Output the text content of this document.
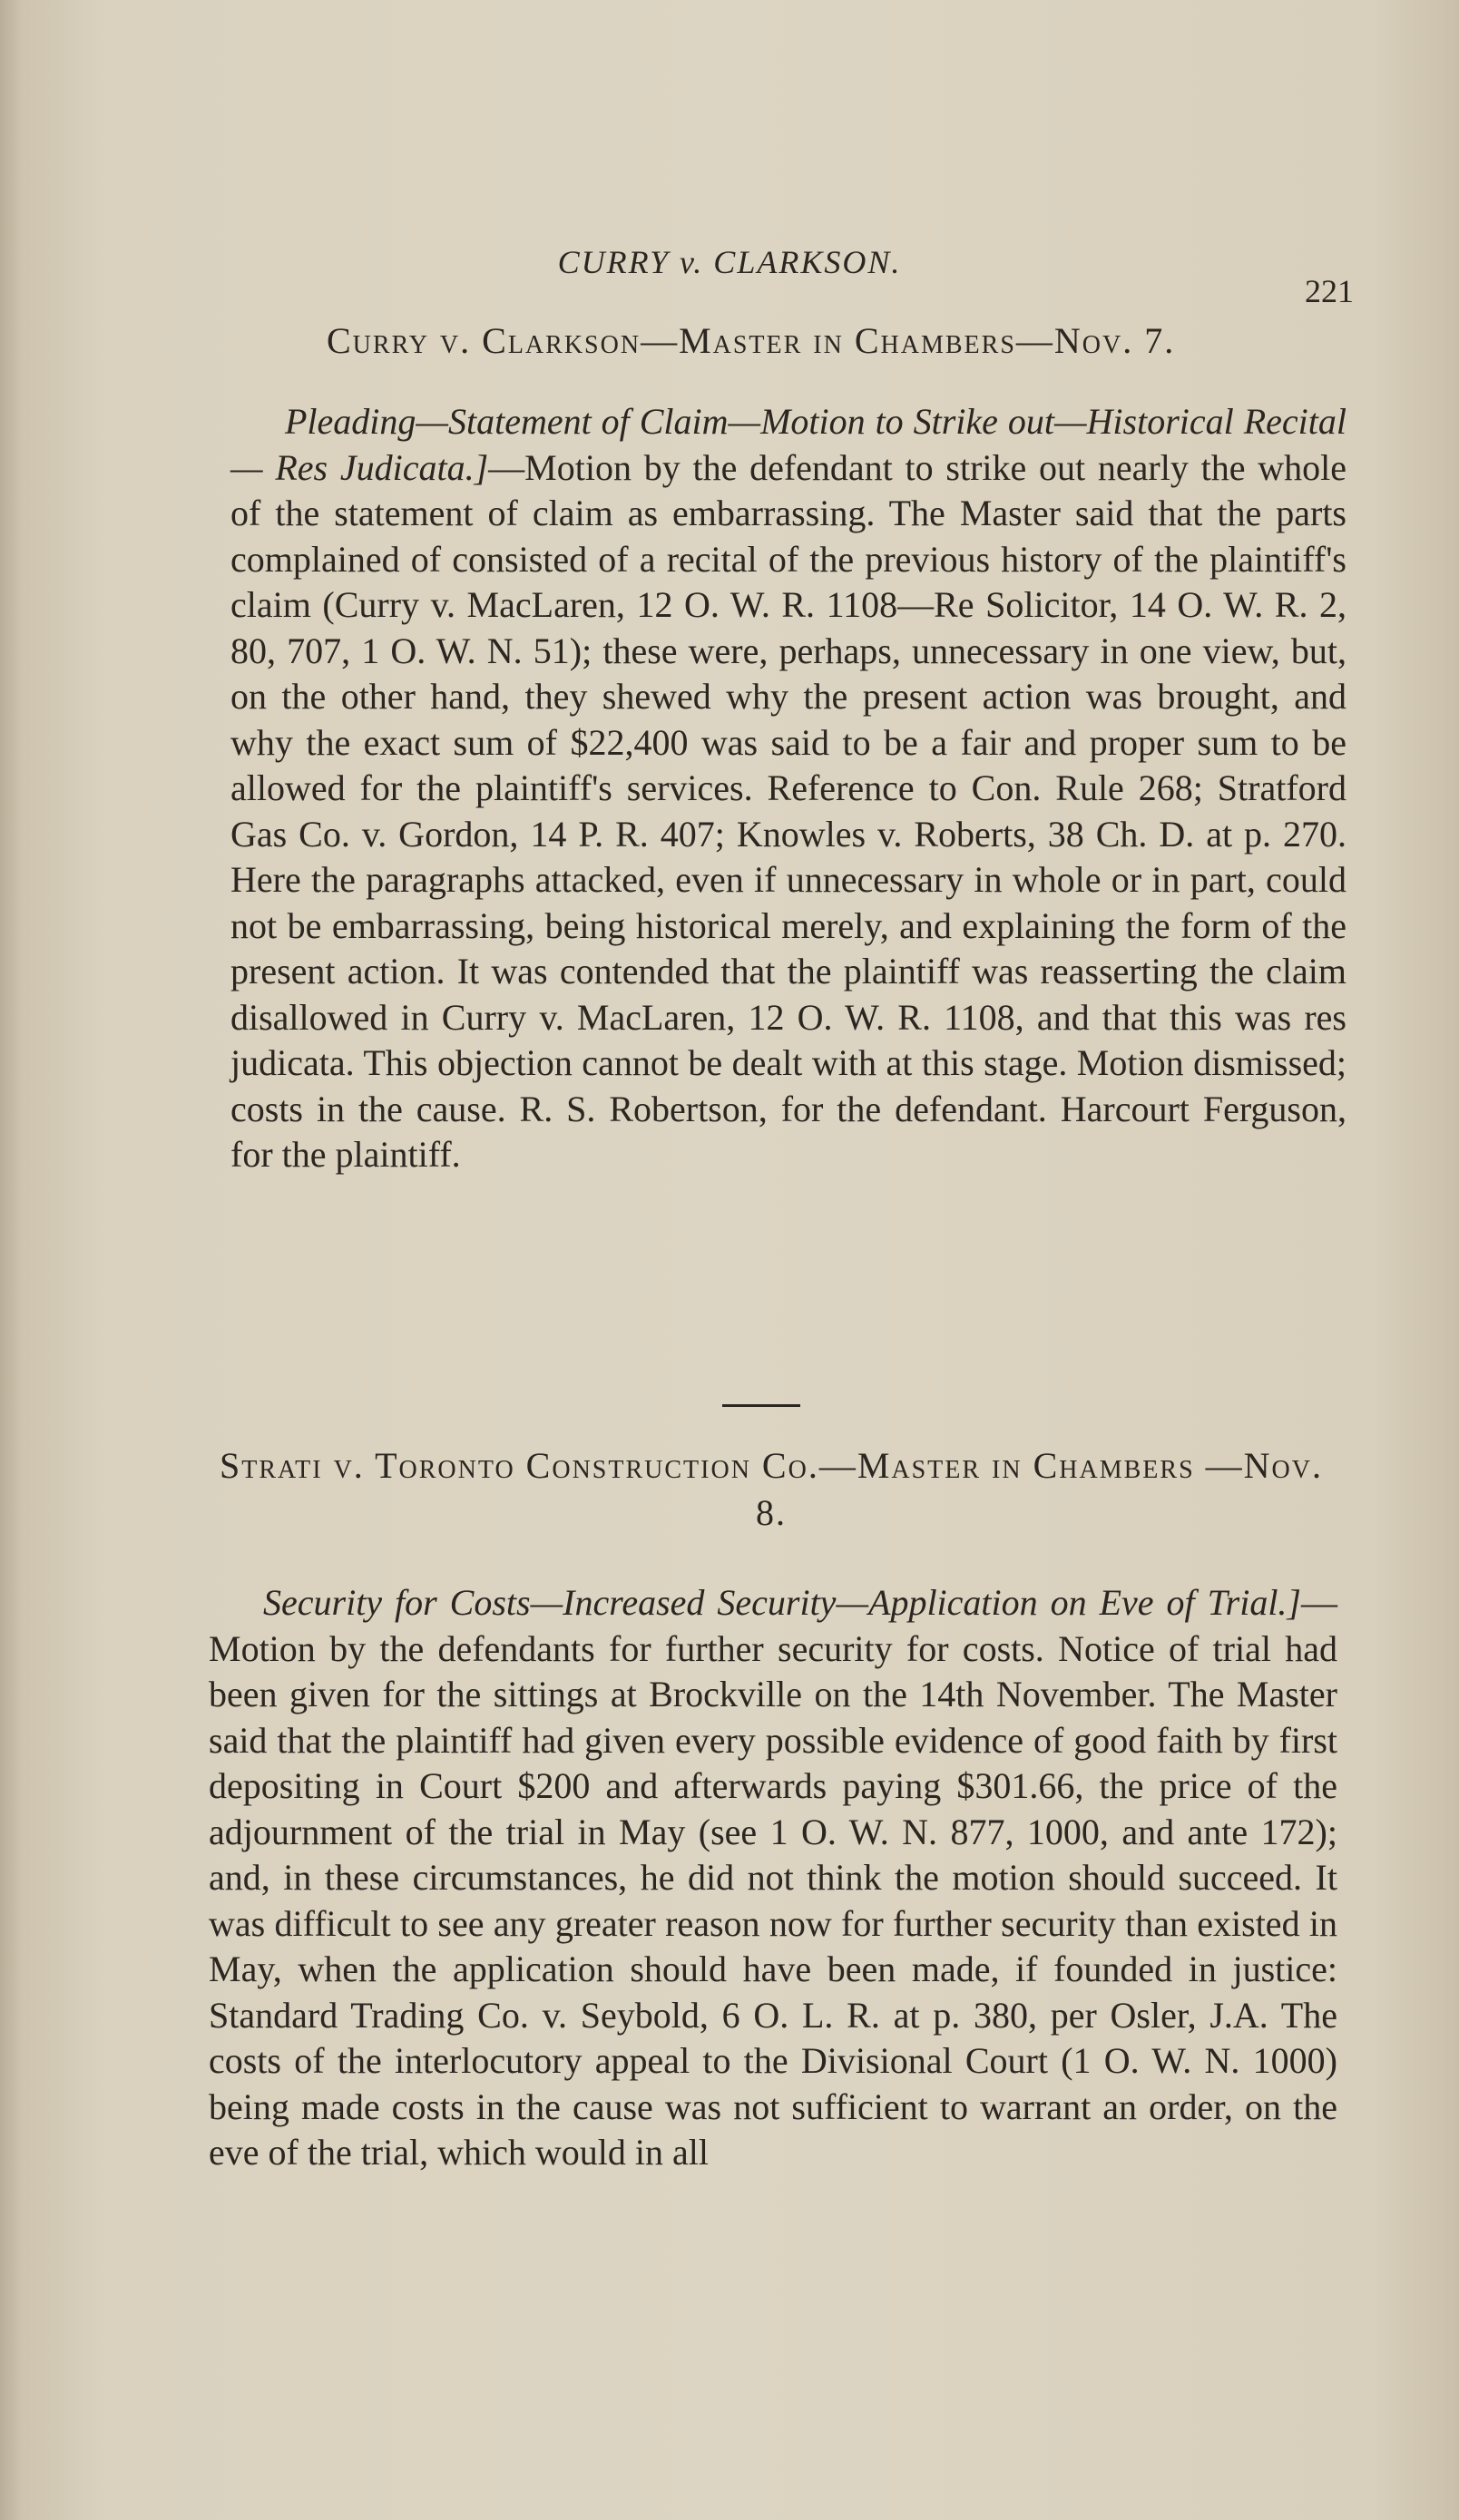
CURRY v. CLARKSON.
221
Curry v. Clarkson—Master in Chambers—Nov. 7.
Pleading—Statement of Claim—Motion to Strike out—Historical Recital — Res Judicata.]—Motion by the defendant to strike out nearly the whole of the statement of claim as embarrassing. The Master said that the parts complained of consisted of a recital of the previous history of the plaintiff's claim (Curry v. MacLaren, 12 O. W. R. 1108—Re Solicitor, 14 O. W. R. 2, 80, 707, 1 O. W. N. 51); these were, perhaps, unnecessary in one view, but, on the other hand, they shewed why the present action was brought, and why the exact sum of $22,400 was said to be a fair and proper sum to be allowed for the plaintiff's services. Reference to Con. Rule 268; Stratford Gas Co. v. Gordon, 14 P. R. 407; Knowles v. Roberts, 38 Ch. D. at p. 270. Here the paragraphs attacked, even if unnecessary in whole or in part, could not be embarrassing, being historical merely, and explaining the form of the present action. It was contended that the plaintiff was reasserting the claim disallowed in Curry v. MacLaren, 12 O. W. R. 1108, and that this was res judicata. This objection cannot be dealt with at this stage. Motion dismissed; costs in the cause. R. S. Robertson, for the defendant. Harcourt Ferguson, for the plaintiff.
Strati v. Toronto Construction Co.—Master in Chambers —Nov. 8.
Security for Costs—Increased Security—Application on Eve of Trial.]—Motion by the defendants for further security for costs. Notice of trial had been given for the sittings at Brockville on the 14th November. The Master said that the plaintiff had given every possible evidence of good faith by first depositing in Court $200 and afterwards paying $301.66, the price of the adjournment of the trial in May (see 1 O. W. N. 877, 1000, and ante 172); and, in these circumstances, he did not think the motion should succeed. It was difficult to see any greater reason now for further security than existed in May, when the application should have been made, if founded in justice: Standard Trading Co. v. Seybold, 6 O. L. R. at p. 380, per Osler, J.A. The costs of the interlocutory appeal to the Divisional Court (1 O. W. N. 1000) being made costs in the cause was not sufficient to warrant an order, on the eve of the trial, which would in all
